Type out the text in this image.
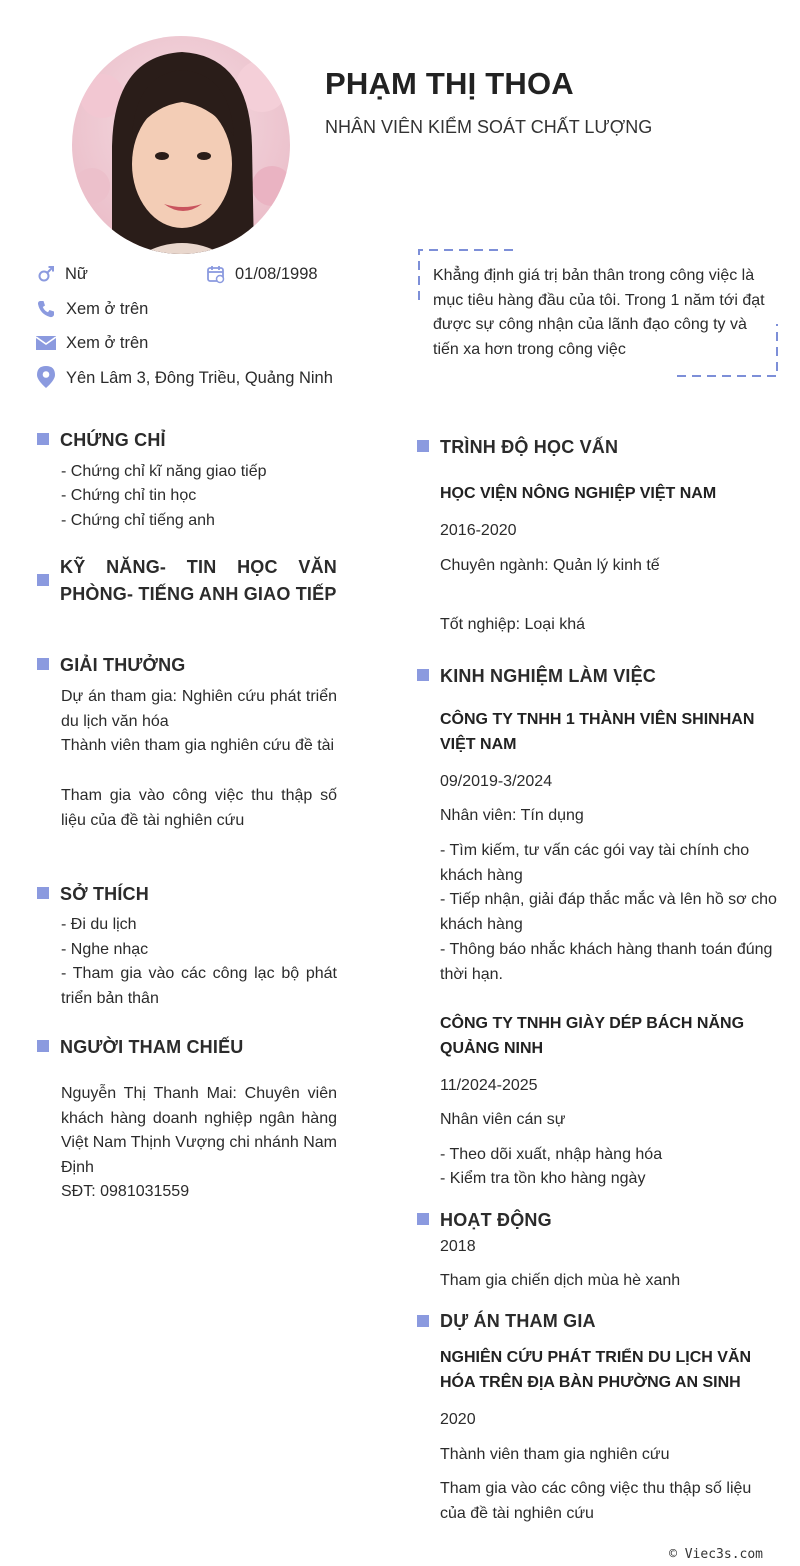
PHẠM THỊ THOA
NHÂN VIÊN KIỂM SOÁT CHẤT LƯỢNG
Nữ	01/08/1998
Xem ở trên
Xem ở trên
Yên Lâm 3, Đông Triều, Quảng Ninh
Khẳng định giá trị bản thân trong công việc là mục tiêu hàng đầu của tôi. Trong 1 năm tới đạt được sự công nhận của lãnh đạo công ty và tiến xa hơn trong công việc
CHỨNG CHỈ
- Chứng chỉ kĩ năng giao tiếp
- Chứng chỉ tin học
- Chứng chỉ tiếng anh
KỸ NĂNG- TIN HỌC VĂN
PHÒNG- TIẾNG ANH GIAO TIẾP
GIẢI THƯỞNG
Dự án tham gia: Nghiên cứu phát triển du lịch văn hóa
Thành viên tham gia nghiên cứu đề tài
Tham gia vào công việc thu thập số liệu của đề tài nghiên cứu
SỞ THÍCH
- Đi du lịch
- Nghe nhạc
- Tham gia vào các công lạc bộ phát triển bản thân
NGƯỜI THAM CHIẾU
Nguyễn Thị Thanh Mai: Chuyên viên khách hàng doanh nghiệp ngân hàng Việt Nam Thịnh Vượng chi nhánh Nam Định
SĐT: 0981031559
TRÌNH ĐỘ HỌC VẤN
HỌC VIỆN NÔNG NGHIỆP VIỆT NAM
2016-2020
Chuyên ngành: Quản lý kinh tế
Tốt nghiệp: Loại khá
KINH NGHIỆM LÀM VIỆC
CÔNG TY TNHH 1 THÀNH VIÊN SHINHAN VIỆT NAM
09/2019-3/2024
Nhân viên: Tín dụng
- Tìm kiếm, tư vấn các gói vay tài chính cho khách hàng
- Tiếp nhận, giải đáp thắc mắc và lên hồ sơ cho khách hàng
- Thông báo nhắc khách hàng thanh toán đúng thời hạn.
CÔNG TY TNHH GIÀY DÉP BÁCH NĂNG QUẢNG NINH
11/2024-2025
Nhân viên cán sự
- Theo dõi xuất, nhập hàng hóa
- Kiểm tra tồn kho hàng ngày
HOẠT ĐỘNG
2018
Tham gia chiến dịch mùa hè xanh
DỰ ÁN THAM GIA
NGHIÊN CỨU PHÁT TRIỂN DU LỊCH VĂN HÓA TRÊN ĐỊA BÀN PHƯỜNG AN SINH
2020
Thành viên tham gia nghiên cứu
Tham gia vào các công việc thu thập số liệu của đề tài nghiên cứu
© Viec3s.com
